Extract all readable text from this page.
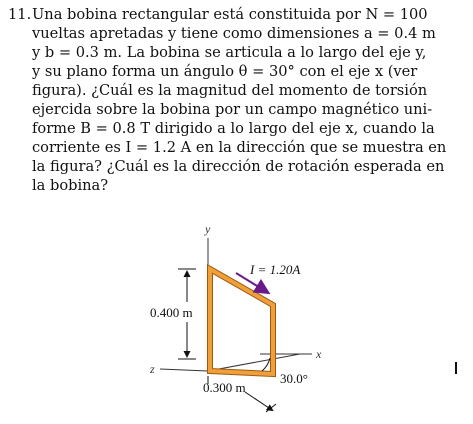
11. Una bobina rectangular está constituida por N = 100
vueltas apretadas y tiene como dimensiones a = 0.4 m
y b = 0.3 m. La bobina se articula a lo largo del eje y,
y su plano forma un ángulo θ = 30° con el eje x (ver
figura). ¿Cuál es la magnitud del momento de torsión
ejercida sobre la bobina por un campo magnético uni-
forme B = 0.8 T dirigido a lo largo del eje x, cuando la
corriente es I = 1.2 A en la dirección que se muestra en
la figura? ¿Cuál es la dirección de rotación esperada en
la bobina?
y
x
z
I = 1.20A
0.400 m
0.300 m
30.0°
